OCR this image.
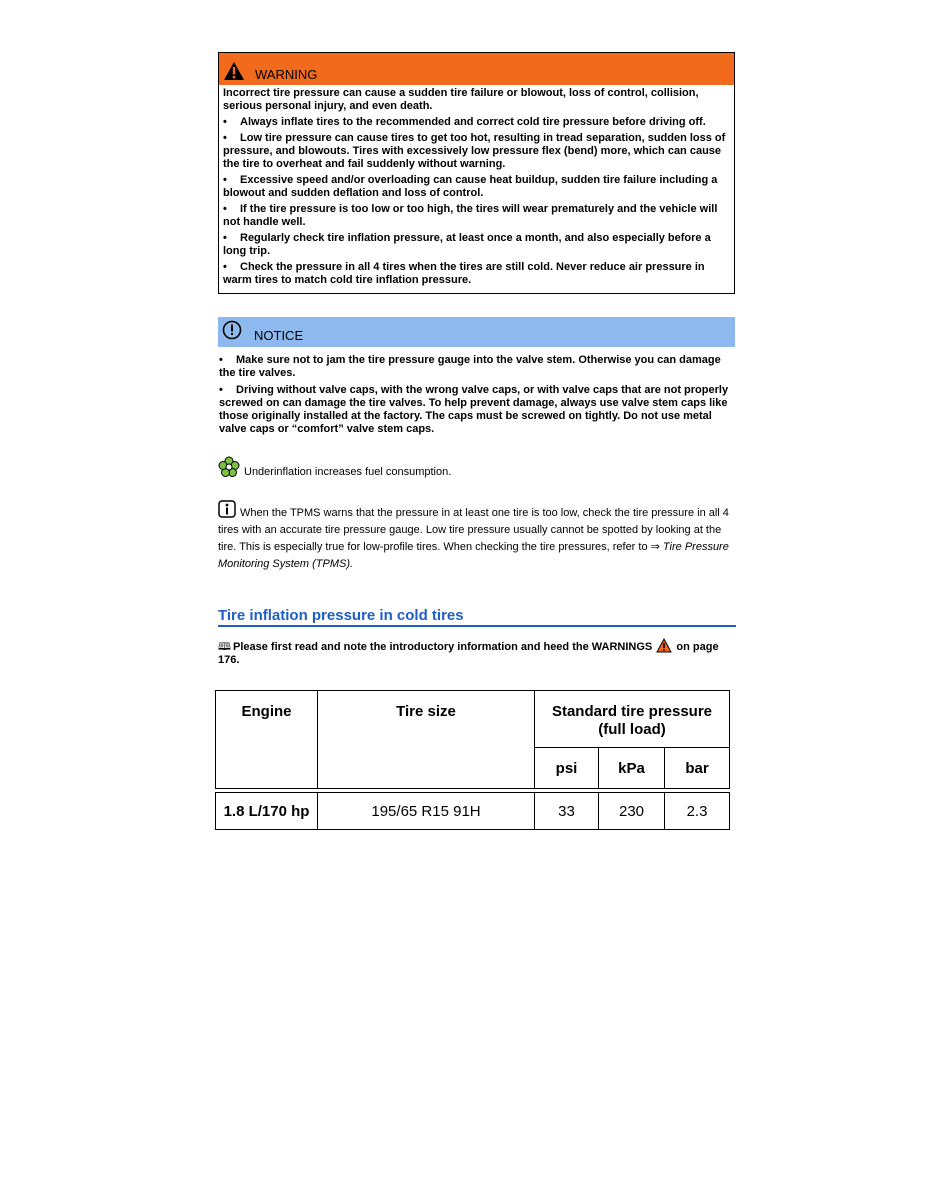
WARNING

Incorrect tire pressure can cause a sudden tire failure or blowout, loss of control, collision, serious personal injury, and even death.

• Always inflate tires to the recommended and correct cold tire pressure before driving off.

• Low tire pressure can cause tires to get too hot, resulting in tread separation, sudden loss of pressure, and blowouts. Tires with excessively low pressure flex (bend) more, which can cause the tire to overheat and fail suddenly without warning.

• Excessive speed and/or overloading can cause heat buildup, sudden tire failure including a blowout and sudden deflation and loss of control.

• If the tire pressure is too low or too high, the tires will wear prematurely and the vehicle will not handle well.

• Regularly check tire inflation pressure, at least once a month, and also especially before a long trip.

• Check the pressure in all 4 tires when the tires are still cold. Never reduce air pressure in warm tires to match cold tire inflation pressure.

NOTICE

• Make sure not to jam the tire pressure gauge into the valve stem. Otherwise you can damage the tire valves.

• Driving without valve caps, with the wrong valve caps, or with valve caps that are not properly screwed on can damage the tire valves. To help prevent damage, always use valve stem caps like those originally installed at the factory. The caps must be screwed on tightly. Do not use metal valve caps or “comfort” valve stem caps.

Underinflation increases fuel consumption.
When the TPMS warns that the pressure in at least one tire is too low, check the tire pressure in all 4 tires with an accurate tire pressure gauge. Low tire pressure usually cannot be spotted by looking at the tire. This is especially true for low-profile tires. When checking the tire pressures, refer to ⇒ Tire Pressure Monitoring System (TPMS).
Tire inflation pressure in cold tires
🕮 Please first read and note the introductory information and heed the WARNINGS on page 176.
Engine	Tire size	Standard tire pressure
(full load)		

		psi	kPa	bar

1.8 L/170 hp	195/65 R15 91H	33	230	2.3
